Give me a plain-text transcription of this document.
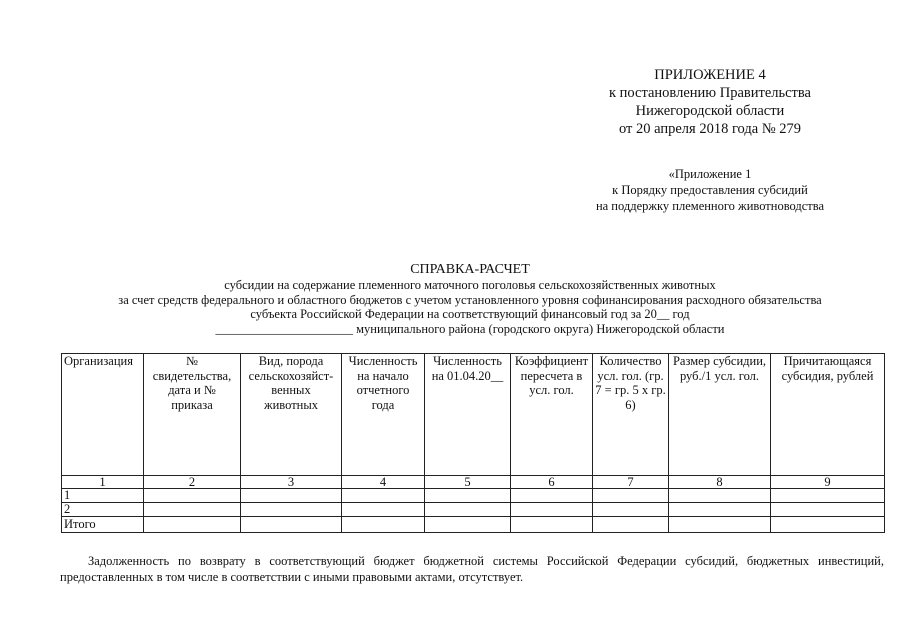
ПРИЛОЖЕНИЕ 4
к постановлению Правительства
Нижегородской области
от 20 апреля 2018 года № 279
«Приложение 1
к Порядку предоставления субсидий
на поддержку племенного животноводства
СПРАВКА-РАСЧЕТ
субсидии на содержание племенного маточного поголовья сельскохозяйственных животных
за счет средств федерального и областного бюджетов с учетом установленного уровня софинансирования расходного обязательства
субъекта Российской Федерации на соответствующий финансовый год за 20__ год
______________________ муниципального района (городского округа) Нижегородской области
Организация	№ свидетельства, дата и № приказа	Вид, порода сельскохозяйст-венных животных	Численность на начало отчетного года	Численность на 01.04.20__	Коэффициент пересчета в усл. гол.	Количество усл. гол. (гр. 7 = гр. 5 х гр. 6)	Размер субсидии, руб./1 усл. гол.	Причитающаяся субсидия, рублей
1	2	3	4	5	6	7	8	9
1								
2								
Итого								
Задолженность по возврату в соответствующий бюджет бюджетной системы Российской Федерации субсидий, бюджетных инвестиций,
предоставленных в том числе в соответствии с иными правовыми актами, отсутствует.
